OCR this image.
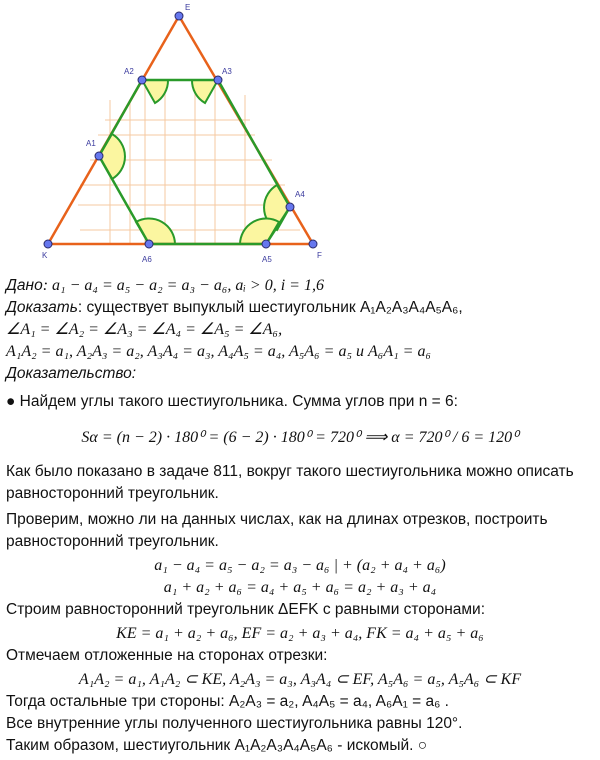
E
K	F
A1
A2	A3
A4
A5
A6
Дано: a₁ − a₄ = a₅ − a₂ = a₃ − a₆, aᵢ > 0, i = 1,6
Доказать: существует выпуклый шестиугольник A₁A₂A₃A₄A₅A₆,
∠A₁ = ∠A₂ = ∠A₃ = ∠A₄ = ∠A₅ = ∠A₆,
A₁A₂ = a₁, A₂A₃ = a₂, A₃A₄ = a₃, A₄A₅ = a₄, A₅A₆ = a₅ и A₆A₁ = a₆
Доказательство:
● Найдем углы такого шестиугольника. Сумма углов при n = 6:
Sα = (n − 2) · 180⁰ = (6 − 2) · 180⁰ = 720⁰ ⟹ α = 720⁰ / 6 = 120⁰
Как было показано в задаче 811, вокруг такого шестиугольника можно описать
равносторонний треугольник.
Проверим, можно ли на данных числах, как на длинах отрезков, построить
равносторонний треугольник.
a₁ − a₄ = a₅ − a₂ = a₃ − a₆ | + (a₂ + a₄ + a₆)
a₁ + a₂ + a₆ = a₄ + a₅ + a₆ = a₂ + a₃ + a₄
Строим равносторонний треугольник ΔEFK с равными сторонами:
KE = a₁ + a₂ + a₆, EF = a₂ + a₃ + a₄, FK = a₄ + a₅ + a₆
Отмечаем отложенные на сторонах отрезки:
A₁A₂ = a₁, A₁A₂ ⊂ KE, A₂A₃ = a₃, A₃A₄ ⊂ EF, A₅A₆ = a₅, A₅A₆ ⊂ KF
Тогда остальные три стороны: A₂A₃ = a₂, A₄A₅ = a₄, A₆A₁ = a₆ .
Все внутренние углы полученного шестиугольника равны 120°.
Таким образом, шестиугольник A₁A₂A₃A₄A₅A₆ - искомый. ○
